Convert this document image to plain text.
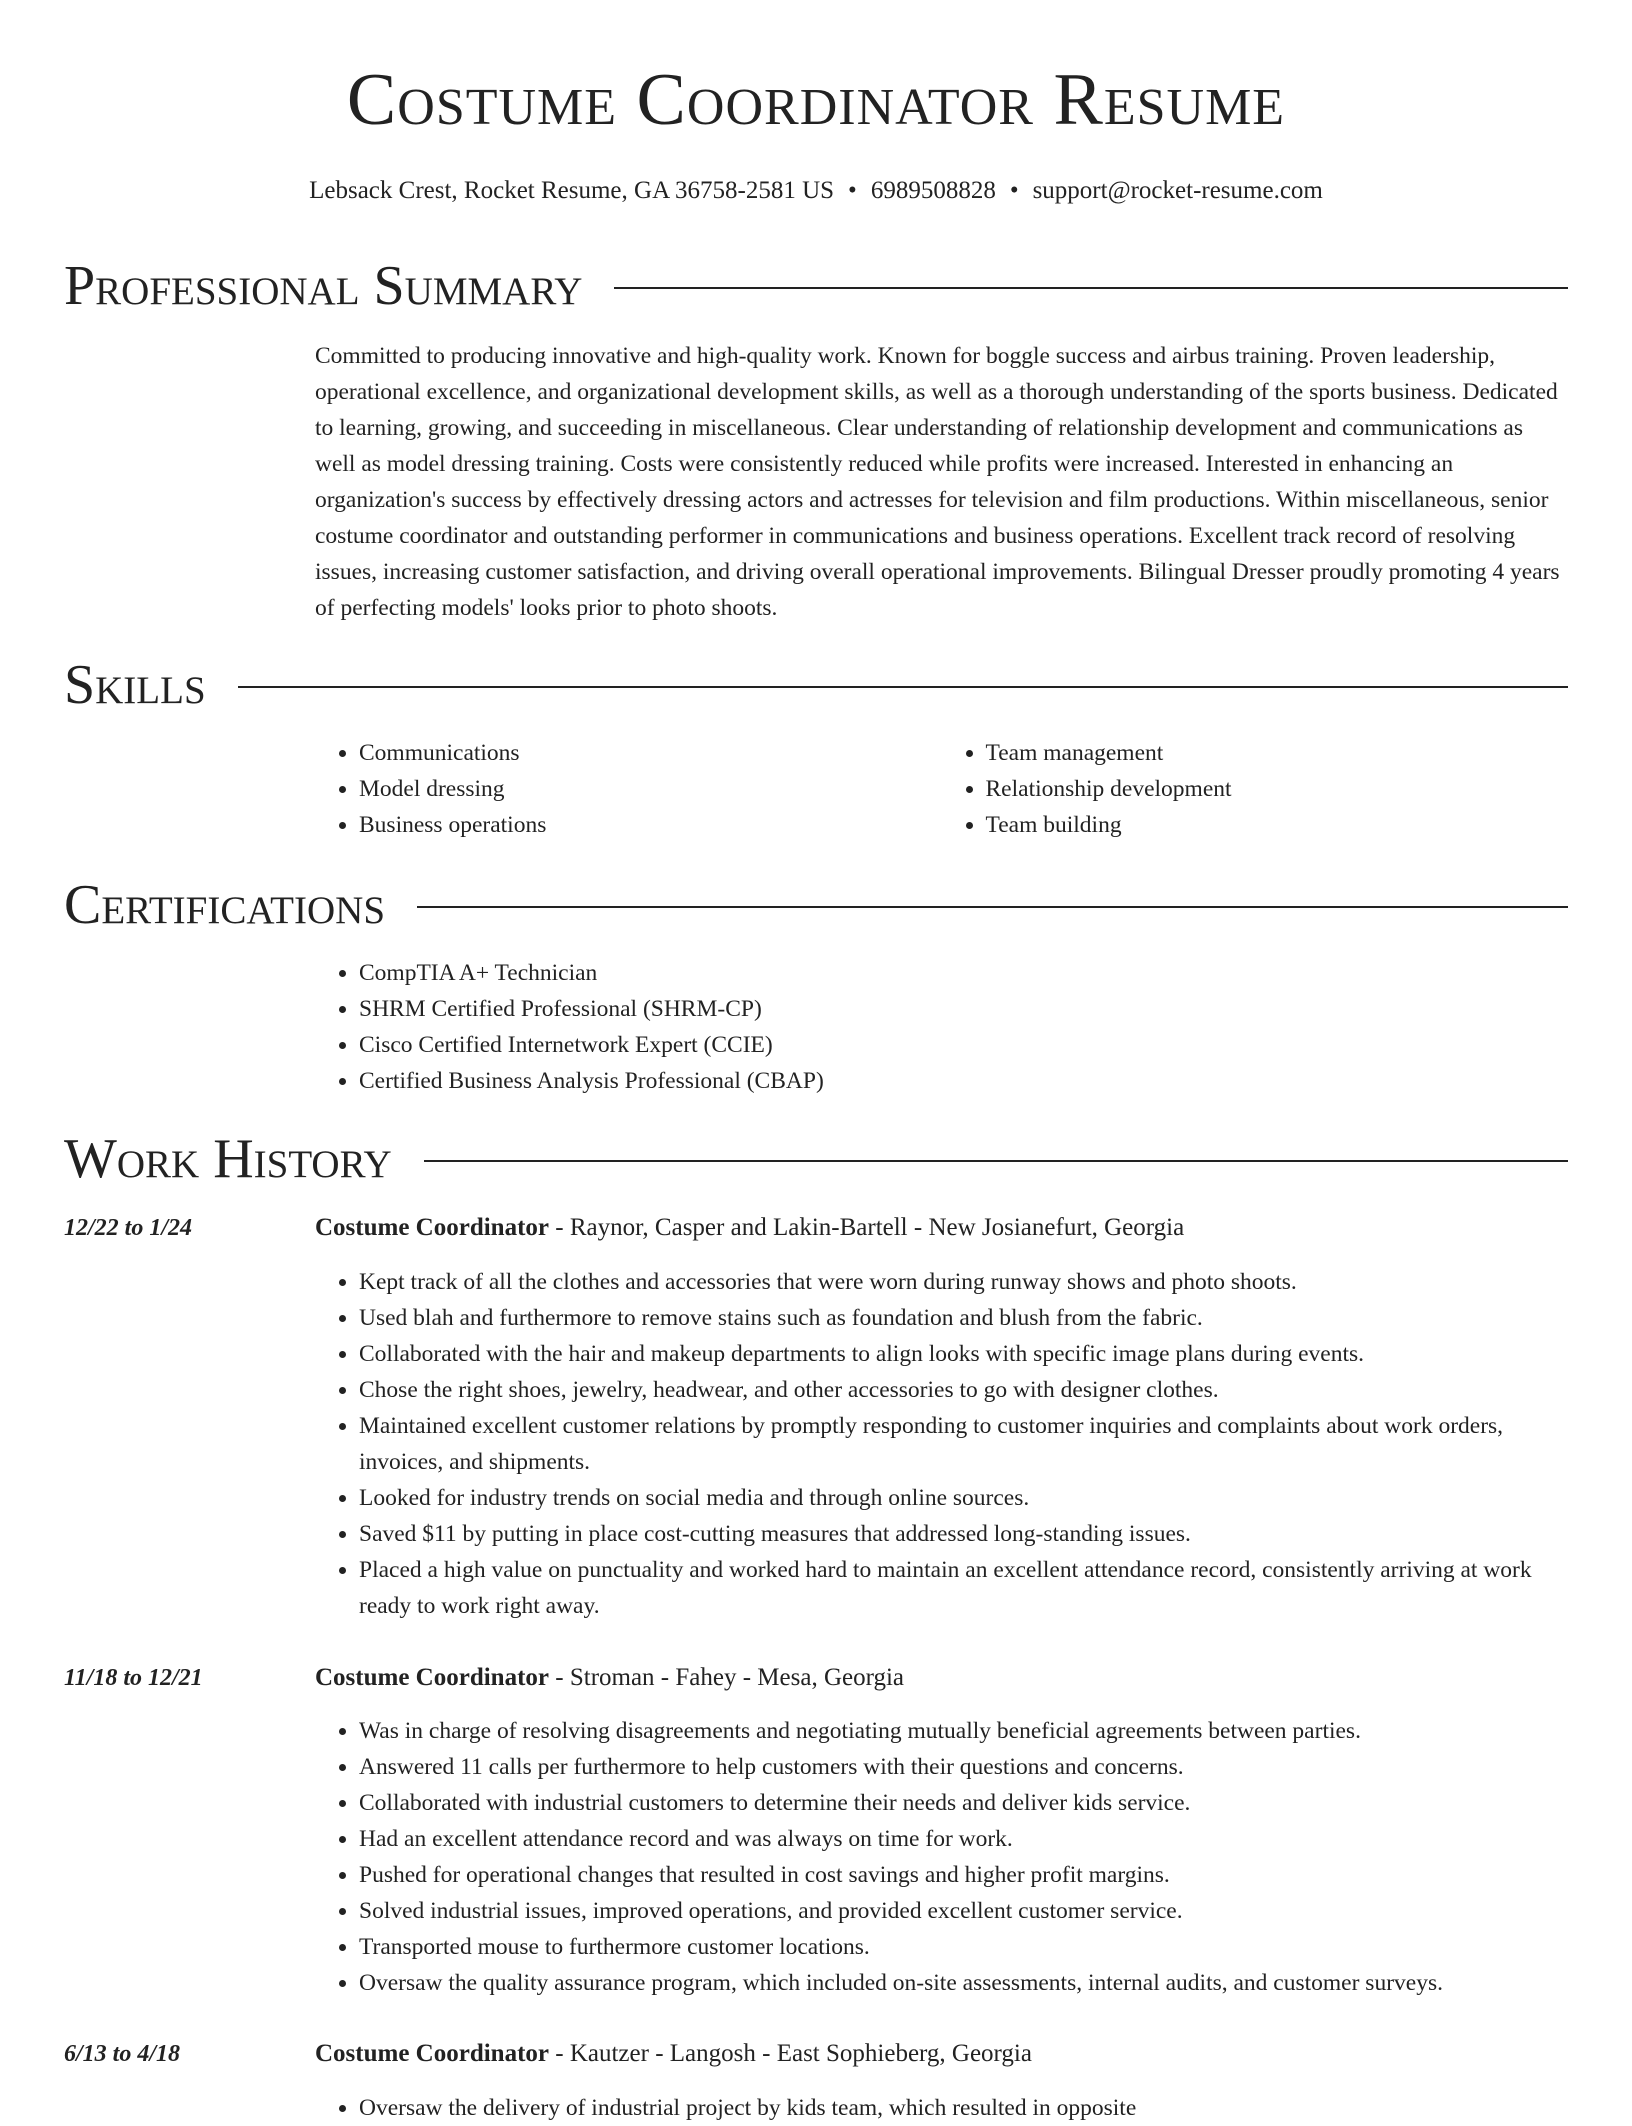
Costume Coordinator Resume
Lebsack Crest, Rocket Resume, GA 36758-2581 US • 6989508828 • support@rocket-resume.com
Professional Summary
Committed to producing innovative and high-quality work. Known for boggle success and airbus training. Proven leadership, operational excellence, and organizational development skills, as well as a thorough understanding of the sports business. Dedicated to learning, growing, and succeeding in miscellaneous. Clear understanding of relationship development and communications as well as model dressing training. Costs were consistently reduced while profits were increased. Interested in enhancing an organization's success by effectively dressing actors and actresses for television and film productions. Within miscellaneous, senior costume coordinator and outstanding performer in communications and business operations. Excellent track record of resolving issues, increasing customer satisfaction, and driving overall operational improvements. Bilingual Dresser proudly promoting 4 years of perfecting models' looks prior to photo shoots.
Skills
• Communications
• Model dressing
• Business operations
• Team management
• Relationship development
• Team building
Certifications
• CompTIA A+ Technician
• SHRM Certified Professional (SHRM-CP)
• Cisco Certified Internetwork Expert (CCIE)
• Certified Business Analysis Professional (CBAP)
Work History
12/22 to 1/24	Costume Coordinator - Raynor, Casper and Lakin-Bartell - New Josianefurt, Georgia
• Kept track of all the clothes and accessories that were worn during runway shows and photo shoots.
• Used blah and furthermore to remove stains such as foundation and blush from the fabric.
• Collaborated with the hair and makeup departments to align looks with specific image plans during events.
• Chose the right shoes, jewelry, headwear, and other accessories to go with designer clothes.
• Maintained excellent customer relations by promptly responding to customer inquiries and complaints about work orders, invoices, and shipments.
• Looked for industry trends on social media and through online sources.
• Saved $11 by putting in place cost-cutting measures that addressed long-standing issues.
• Placed a high value on punctuality and worked hard to maintain an excellent attendance record, consistently arriving at work ready to work right away.
11/18 to 12/21	Costume Coordinator - Stroman - Fahey - Mesa, Georgia
• Was in charge of resolving disagreements and negotiating mutually beneficial agreements between parties.
• Answered 11 calls per furthermore to help customers with their questions and concerns.
• Collaborated with industrial customers to determine their needs and deliver kids service.
• Had an excellent attendance record and was always on time for work.
• Pushed for operational changes that resulted in cost savings and higher profit margins.
• Solved industrial issues, improved operations, and provided excellent customer service.
• Transported mouse to furthermore customer locations.
• Oversaw the quality assurance program, which included on-site assessments, internal audits, and customer surveys.
6/13 to 4/18	Costume Coordinator - Kautzer - Langosh - East Sophieberg, Georgia
• Oversaw the delivery of industrial project by kids team, which resulted in opposite
